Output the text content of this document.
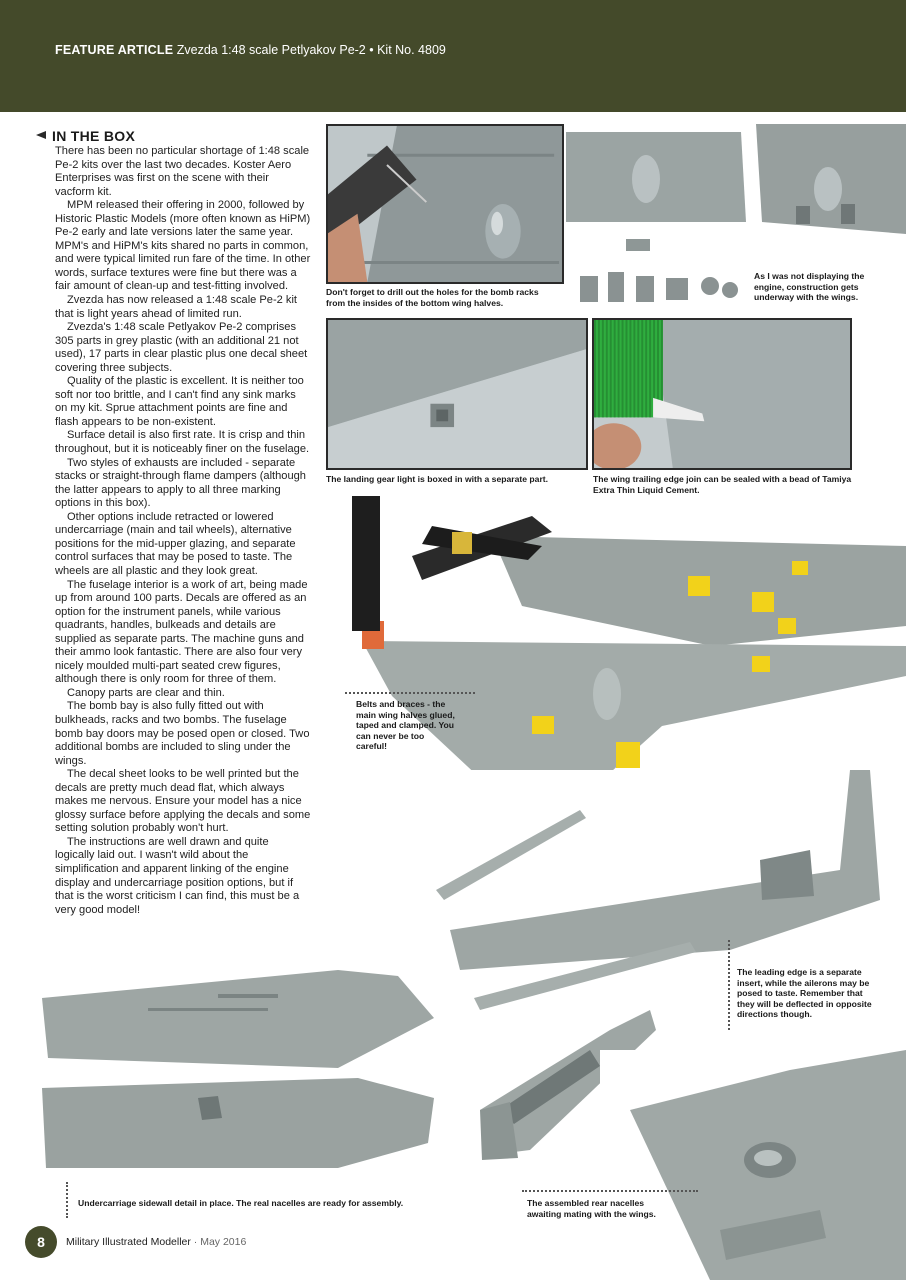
FEATURE ARTICLE Zvezda 1:48 scale Petlyakov Pe-2 • Kit No. 4809
IN THE BOX

There has been no particular shortage of 1:48 scale Pe-2 kits over the last two decades. Koster Aero Enterprises was first on the scene with their vacform kit.

MPM released their offering in 2000, followed by Historic Plastic Models (more often known as HiPM) Pe-2 early and late versions later the same year. MPM's and HiPM's kits shared no parts in common, and were typical limited run fare of the time. In other words, surface textures were fine but there was a fair amount of clean-up and test-fitting involved.

Zvezda has now released a 1:48 scale Pe-2 kit that is light years ahead of limited run.

Zvezda's 1:48 scale Petlyakov Pe-2 comprises 305 parts in grey plastic (with an additional 21 not used), 17 parts in clear plastic plus one decal sheet covering three subjects.

Quality of the plastic is excellent. It is neither too soft nor too brittle, and I can't find any sink marks on my kit. Sprue attachment points are fine and flash appears to be non-existent.

Surface detail is also first rate. It is crisp and thin throughout, but it is noticeably finer on the fuselage.

Two styles of exhausts are included - separate stacks or straight-through flame dampers (although the latter appears to apply to all three marking options in this box).

Other options include retracted or lowered undercarriage (main and tail wheels), alternative positions for the mid-upper glazing, and separate control surfaces that may be posed to taste. The wheels are all plastic and they look great.

The fuselage interior is a work of art, being made up from around 100 parts. Decals are offered as an option for the instrument panels, while various quadrants, handles, bulkeads and details are supplied as separate parts. The machine guns and their ammo look fantastic. There are also four very nicely moulded multi-part seated crew figures, although there is only room for three of them.

Canopy parts are clear and thin.

The bomb bay is also fully fitted out with bulkheads, racks and two bombs. The fuselage bomb bay doors may be posed open or closed. Two additional bombs are included to sling under the wings.

The decal sheet looks to be well printed but the decals are pretty much dead flat, which always makes me nervous. Ensure your model has a nice glossy surface before applying the decals and some setting solution probably won't hurt.

The instructions are well drawn and quite logically laid out. I wasn't wild about the simplification and apparent linking of the engine display and undercarriage position options, but if that is the worst criticism I can find, this must be a very good model!

Don't forget to drill out the holes for the bomb racks from the insides of the bottom wing halves.
As I was not displaying the engine, construction gets underway with the wings.
The landing gear light is boxed in with a separate part.	The wing trailing edge join can be sealed with a bead of Tamiya Extra Thin Liquid Cement.
Belts and braces - the main wing halves glued, taped and clamped. You can never be too careful!
The leading edge is a separate insert, while the ailerons may be posed to taste. Remember that they will be deflected in opposite directions though.
Undercarriage sidewall detail in place. The real nacelles are ready for assembly.	The assembled rear nacelles awaiting mating with the wings.
8	Military Illustrated Modeller · May 2016
